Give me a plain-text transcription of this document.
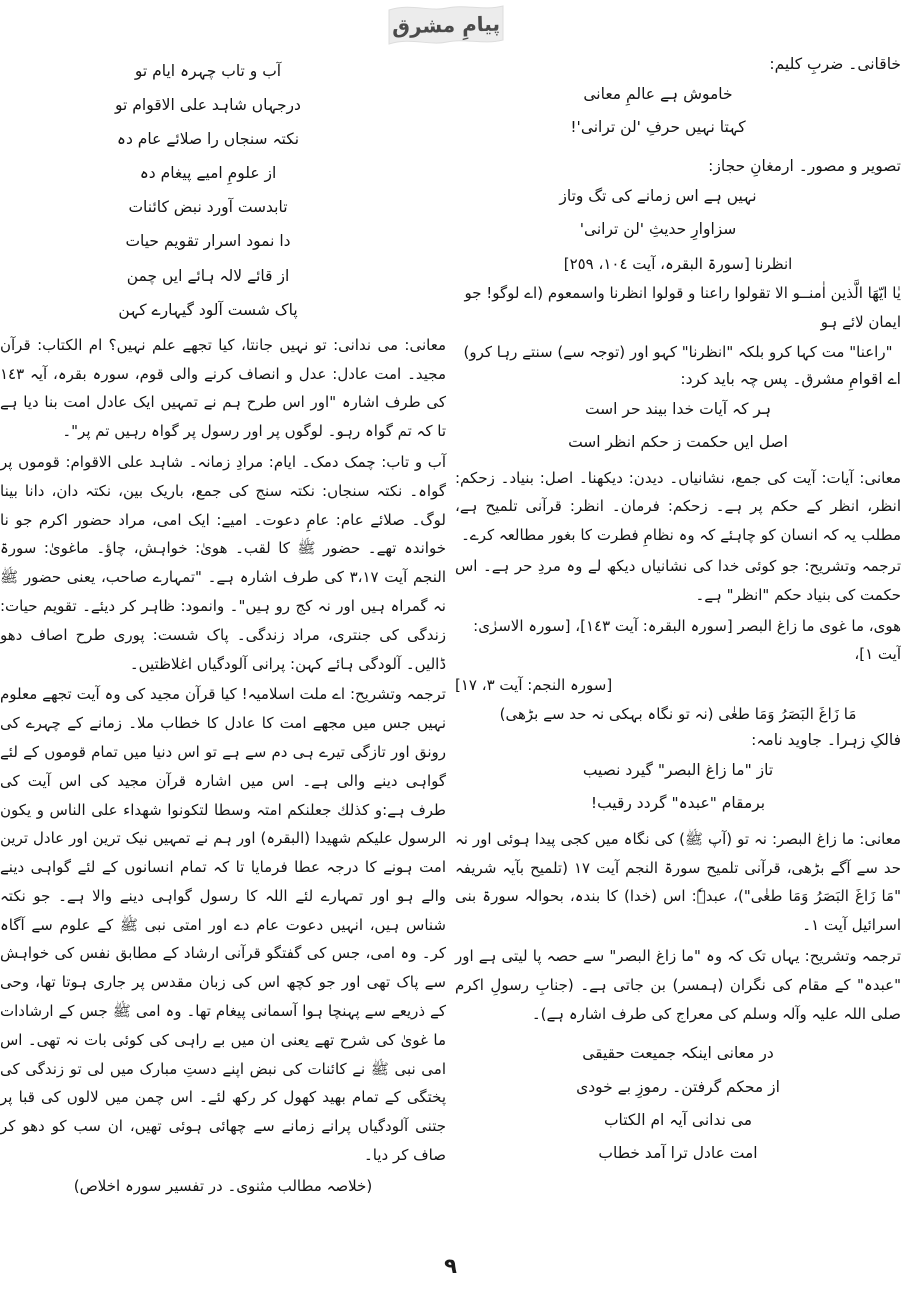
پیامِ مشرق
خاقانی۔ ضربِ کلیم:
خاموش ہے عالمِ معانی
کہتا نہیں حرفِ 'لن ترانی'!
تصویر و مصور۔ ارمغانِ حجاز:
نہیں ہے اس زمانے کی تگ وتاز
سزاوارِ حدیثِ 'لن ترانی'
انظرنا [سورۃ البقرہ، آیت ١٠٤، ٢٥٩]
یٰا ایّھَا الَّذین اٰمنــو الا تقولوا راعنا و قولوا انظرنا واسمعوم (اے لوگو! جو ایمان لائے ہو
"راعنا" مت کہا کرو بلکہ "انظرنا" کہو اور (توجہ سے) سنتے رہا کرو)
اے اقوامِ مشرق۔ پس چہ باید کرد:
ہر کہ آیات خدا بیند حر است
اصل ایں حکمت ز حکم انظر است
معانی: آیات: آیت کی جمع، نشانیاں۔ دیدن: دیکھنا۔ اصل: بنیاد۔ زحکم: انظر، انظر کے حکم پر ہے۔ زحکم: فرمان۔ انظر: قرآنی تلمیح ہے، مطلب یہ کہ انسان کو چاہئے کہ وہ نظامِ فطرت کا بغور مطالعہ کرے۔
ترجمہ وتشریح: جو کوئی خدا کی نشانیاں دیکھ لے وہ مردِ حر ہے۔ اس حکمت کی بنیاد حکم "انظر" ہے۔
ھوی، ما غوی ما زاغ البصر [سورہ البقرہ: آیت ١٤٣]، [سورہ الاسرٰی: آیت ١]،
[سورہ النجم: آیت ٣، ١٧]
مَا زَاغَ البَصَرُ وَمَا طغٰی (نہ تو نگاہ بہکی نہ حد سے بڑھی)
فالکِ زہرا۔ جاوید نامہ:
تاز "ما زاغ البصر" گیرد نصیب
برمقام "عبدہ" گردد رقیب!
معانی: ما زاغ البصر: نہ تو (آپ ﷺ) کی نگاہ میں کجی پیدا ہوئی اور نہ حد سے آگے بڑھی، قرآنی تلمیح سورۃ النجم آیت ١٧ (تلمیح بآیہ شریفہ "مَا زَاغَ البَصَرُ وَمَا طغٰی")، عبدہٗ: اس (خدا) کا بندہ، بحوالہ سورۃ بنی اسرائیل آیت ١۔
ترجمہ وتشریح: یہاں تک کہ وہ "ما زاغ البصر" سے حصہ پا لیتی ہے اور "عبدہ" کے مقام کی نگران (ہمسر) بن جاتی ہے۔ (جنابِ رسولِ اکرم صلی اللہ علیہ وآلہ وسلم کی معراج کی طرف اشارہ ہے)۔
در معانی اینکہ جمیعت حقیقی
از محکم گرفتن۔ رموزِ بے خودی
می ندانی آیہ ام الکتاب
امت عادل ترا آمد خطاب
آب و تاب چہرہ ایام تو
درجہاں شاہد علی الاقوام تو
نکتہ سنجاں را صلائے عام دہ
از علومِ امیے پیغام دہ
تابدست آورد نبض کائنات
دا نمود اسرار تقویم حیات
از قائے لالہ ہائے ایں چمن
پاک شست آلود گیہارے کہن
معانی: می ندانی: تو نہیں جانتا، کیا تجھے علم نہیں؟ ام الکتاب: قرآن مجید۔ امت عادل: عدل و انصاف کرنے والی قوم، سورہ بقرہ، آیہ ١٤٣ کی طرف اشارہ "اور اس طرح ہم نے تمہیں ایک عادل امت بنا دیا ہے تا کہ تم گواہ رہو۔ لوگوں پر اور رسول پر گواہ رہیں تم پر"۔
آب و تاب: چمک دمک۔ ایام: مرادِ زمانہ۔ شاہد علی الاقوام: قوموں پر گواہ۔ نکتہ سنجاں: نکتہ سنج کی جمع، باریک بین، نکتہ دان، دانا بینا لوگ۔ صلائے عام: عامِ دعوت۔ امیے: ایک امی، مراد حضور اکرم جو نا خواندہ تھے۔ حضور ﷺ کا لقب۔ ھویٰ: خواہش، چاؤ۔ ماغویٰ: سورۃ النجم آیت ٣،١٧ کی طرف اشارہ ہے۔ "تمہارے صاحب، یعنی حضور ﷺ نہ گمراہ ہیں اور نہ کج رو ہیں"۔ وانمود: ظاہر کر دیئے۔ تقویم حیات: زندگی کی جنتری، مراد زندگی۔ پاک شست: پوری طرح اصاف دھو ڈالیں۔ آلودگی ہائے کہن: پرانی آلودگیاں اغلاظتیں۔
ترجمہ وتشریح: اے ملت اسلامیہ! کیا قرآن مجید کی وہ آیت تجھے معلوم نہیں جس میں مجھے امت کا عادل کا خطاب ملا۔ زمانے کے چہرے کی رونق اور تازگی تیرے ہی دم سے ہے تو اس دنیا میں تمام قوموں کے لئے گواہی دینے والی ہے۔ اس میں اشارہ قرآن مجید کی اس آیت کی طرف ہے:و کذلك جعلنكم امتہ وسطا لتكونوا شھداء علی الناس و يكون الرسول عليكم شھيدا (البقرہ) اور ہم نے تمہیں نیک ترین اور عادل ترین امت ہونے کا درجہ عطا فرمایا تا کہ تمام انسانوں کے لئے گواہی دینے والے ہو اور تمہارے لئے اللہ کا رسول گواہی دینے والا ہے۔ جو نکتہ شناس ہیں، انہیں دعوت عام دے اور امتی نبی ﷺ کے علوم سے آگاہ کر۔ وہ امی، جس کی گفتگو قرآنی ارشاد کے مطابق نفس کی خواہش سے پاک تھی اور جو کچھ اس کی زبان مقدس پر جاری ہوتا تھا، وحی کے ذریعے سے پہنچا ہوا آسمانی پیغام تھا۔ وہ امی ﷺ جس کے ارشادات ما غویٰ کی شرح تھے یعنی ان میں بے راہی کی کوئی بات نہ تھی۔ اس امی نبی ﷺ نے کائنات کی نبض اپنے دستِ مبارک میں لی تو زندگی کی پختگی کے تمام بھید کھول کر رکھ لئے۔ اس چمن میں لالوں کی قبا پر جتنی آلودگیاں پرانے زمانے سے چھائی ہوئی تھیں، ان سب کو دھو کر صاف کر دیا۔
(خلاصہ مطالب مثنوی۔ در تفسیر سورہ اخلاص)
٩
